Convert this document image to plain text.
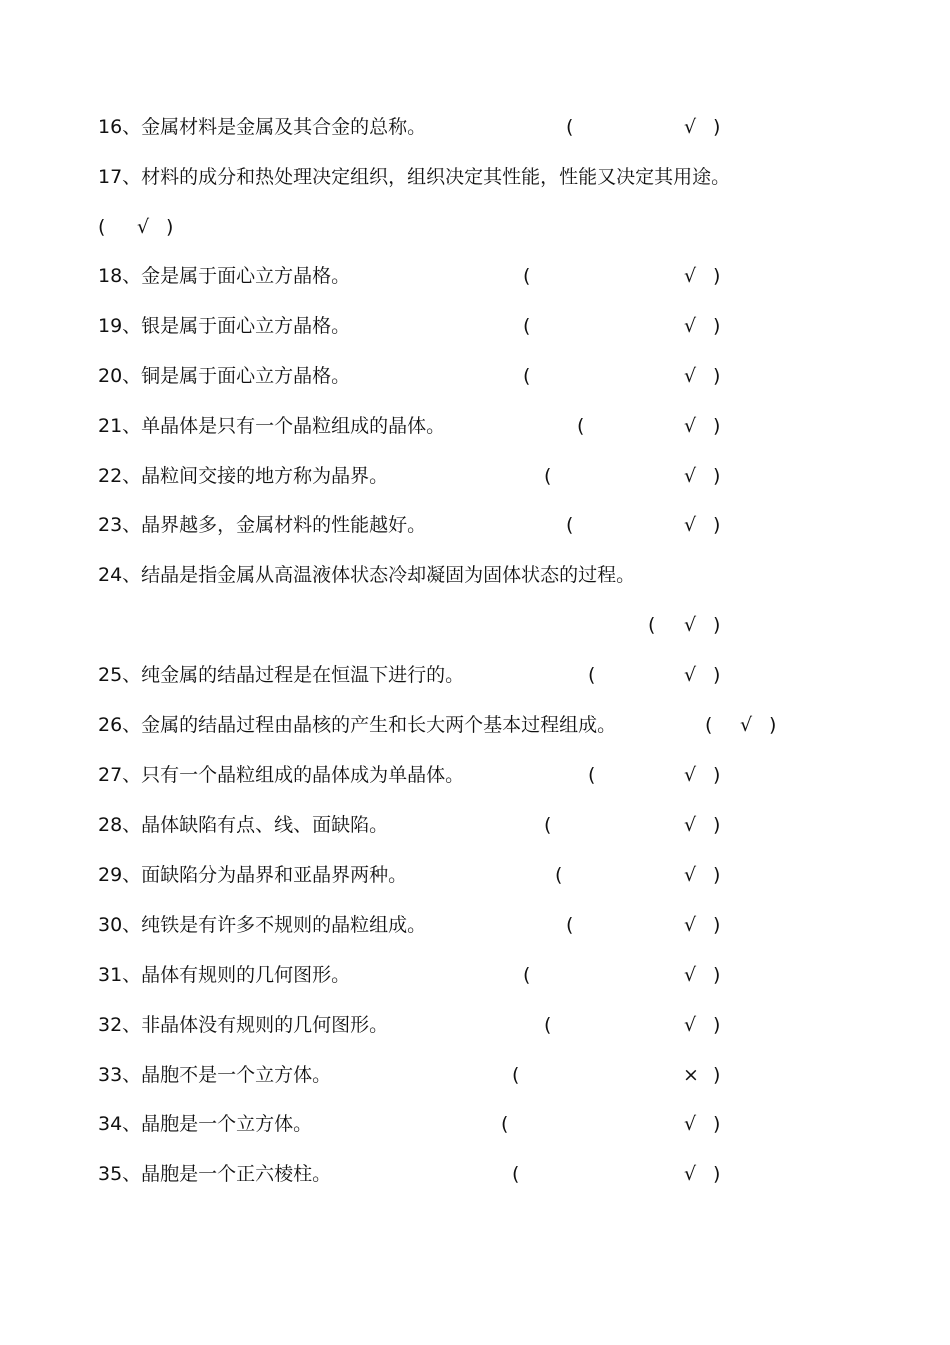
16、金属材料是金属及其合金的总称。	(	√ )
17、材料的成分和热处理决定组织，组织决定其性能，性能又决定其用途。
( √ )
18、金是属于面心立方晶格。	(	√ )
19、银是属于面心立方晶格。	(	√ )
20、铜是属于面心立方晶格。	(	√ )
21、单晶体是只有一个晶粒组成的晶体。	(	√ )
22、晶粒间交接的地方称为晶界。	(	√ )
23、晶界越多，金属材料的性能越好。	(	√ )
24、结晶是指金属从高温液体状态冷却凝固为固体状态的过程。
( √ )
25、纯金属的结晶过程是在恒温下进行的。	(	√ )
26、金属的结晶过程由晶核的产生和长大两个基本过程组成。	( √ )
27、只有一个晶粒组成的晶体成为单晶体。	(	√ )
28、晶体缺陷有点、线、面缺陷。	(	√ )
29、面缺陷分为晶界和亚晶界两种。	(	√ )
30、纯铁是有许多不规则的晶粒组成。	(	√ )
31、晶体有规则的几何图形。	(	√ )
32、非晶体没有规则的几何图形。	(	√ )
33、晶胞不是一个立方体。	(	× )
34、晶胞是一个立方体。	(	√ )
35、晶胞是一个正六棱柱。	(	√ )
